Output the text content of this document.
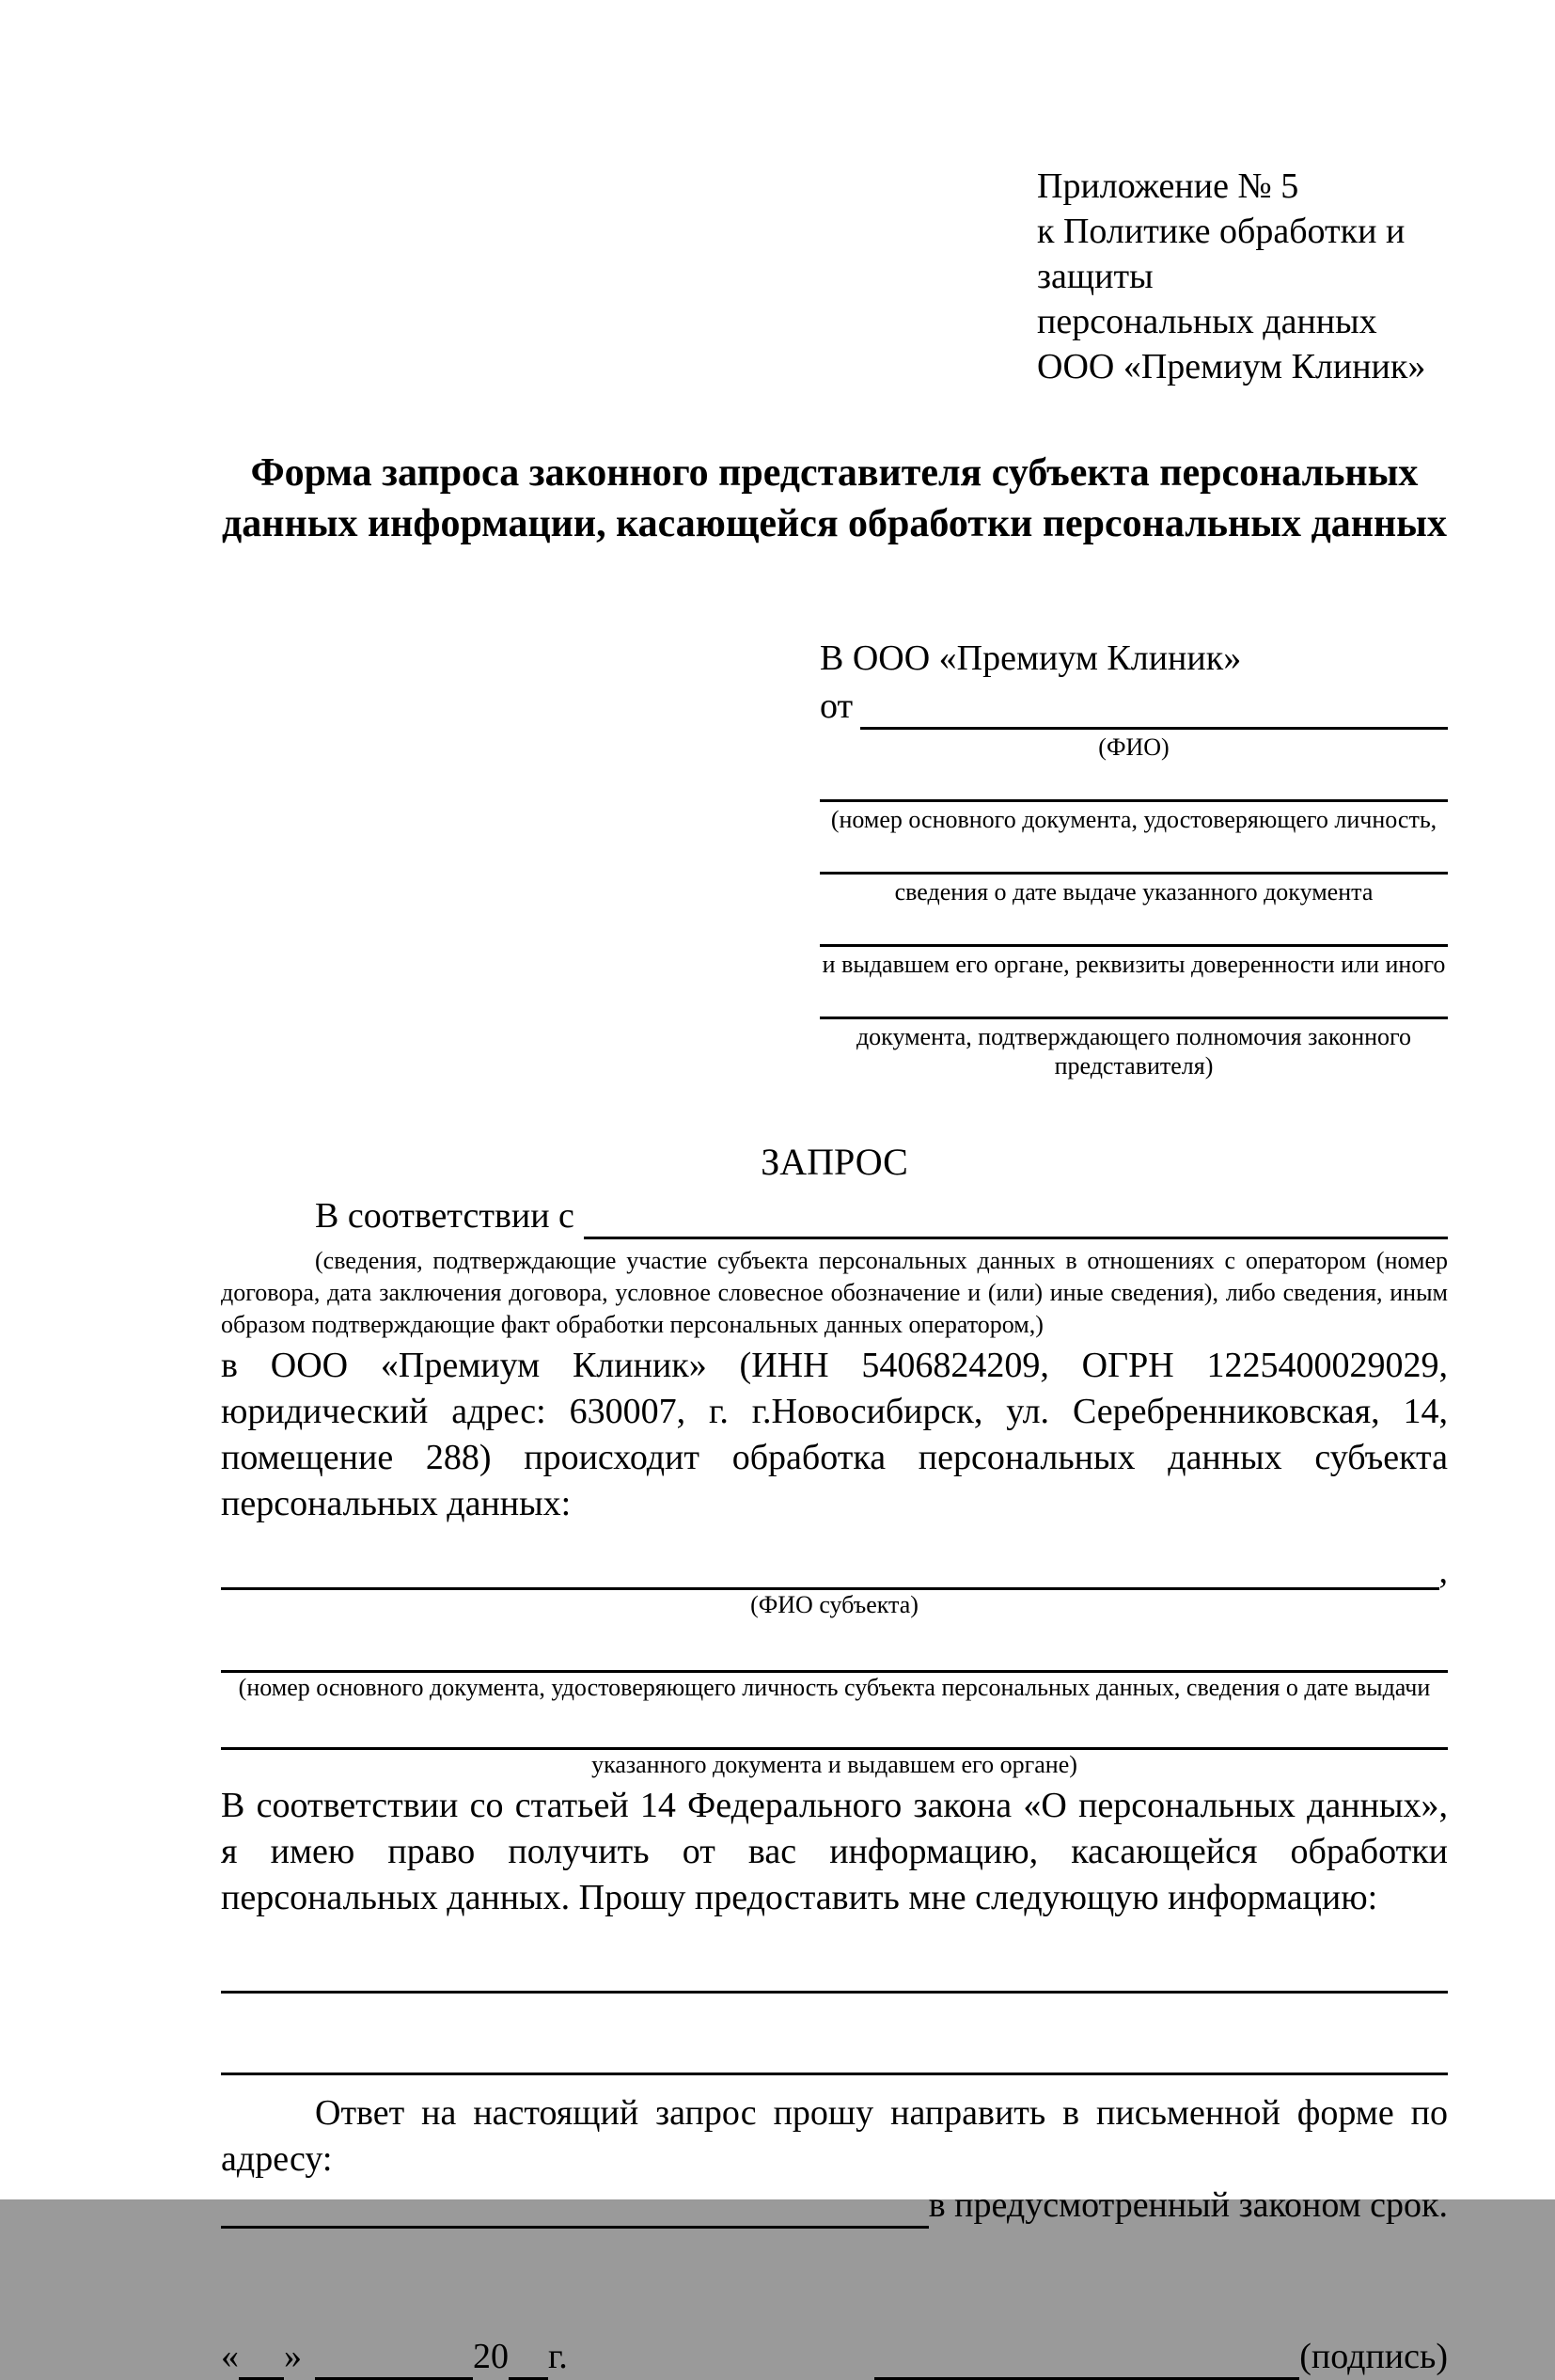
Приложение № 5
к Политике обработки и защиты
персональных данных
ООО «Премиум Клиник»
Форма запроса законного представителя субъекта персональных данных информации, касающейся обработки персональных данных
В ООО «Премиум Клиник»
от
(ФИО)
(номер основного документа, удостоверяющего личность,
сведения о дате выдаче указанного документа
и выдавшем его органе, реквизиты доверенности или иного
документа, подтверждающего полномочия законного представителя)
ЗАПРОС
В соответствии с
(сведения, подтверждающие участие субъекта персональных данных в отношениях с оператором (номер договора, дата заключения договора, условное словесное обозначение и (или) иные сведения), либо сведения, иным образом подтверждающие факт обработки персональных данных оператором,)
в ООО «Премиум Клиник» (ИНН 5406824209, ОГРН 1225400029029, юридический адрес: 630007, г. г.Новосибирск, ул. Серебренниковская, 14, помещение 288) происходит обработка персональных данных субъекта персональных данных:
,
(ФИО субъекта)
(номер основного документа, удостоверяющего личность субъекта персональных данных, сведения о дате выдачи
указанного документа и выдавшем его органе)
В соответствии со статьей 14 Федерального закона «О персональных данных», я имею право получить от вас информацию, касающейся обработки персональных данных. Прошу предоставить мне следующую информацию:
Ответ на настоящий запрос прошу направить в письменной форме по адресу:
в предусмотренный законом срок.
« »	20 г.	(подпись)
